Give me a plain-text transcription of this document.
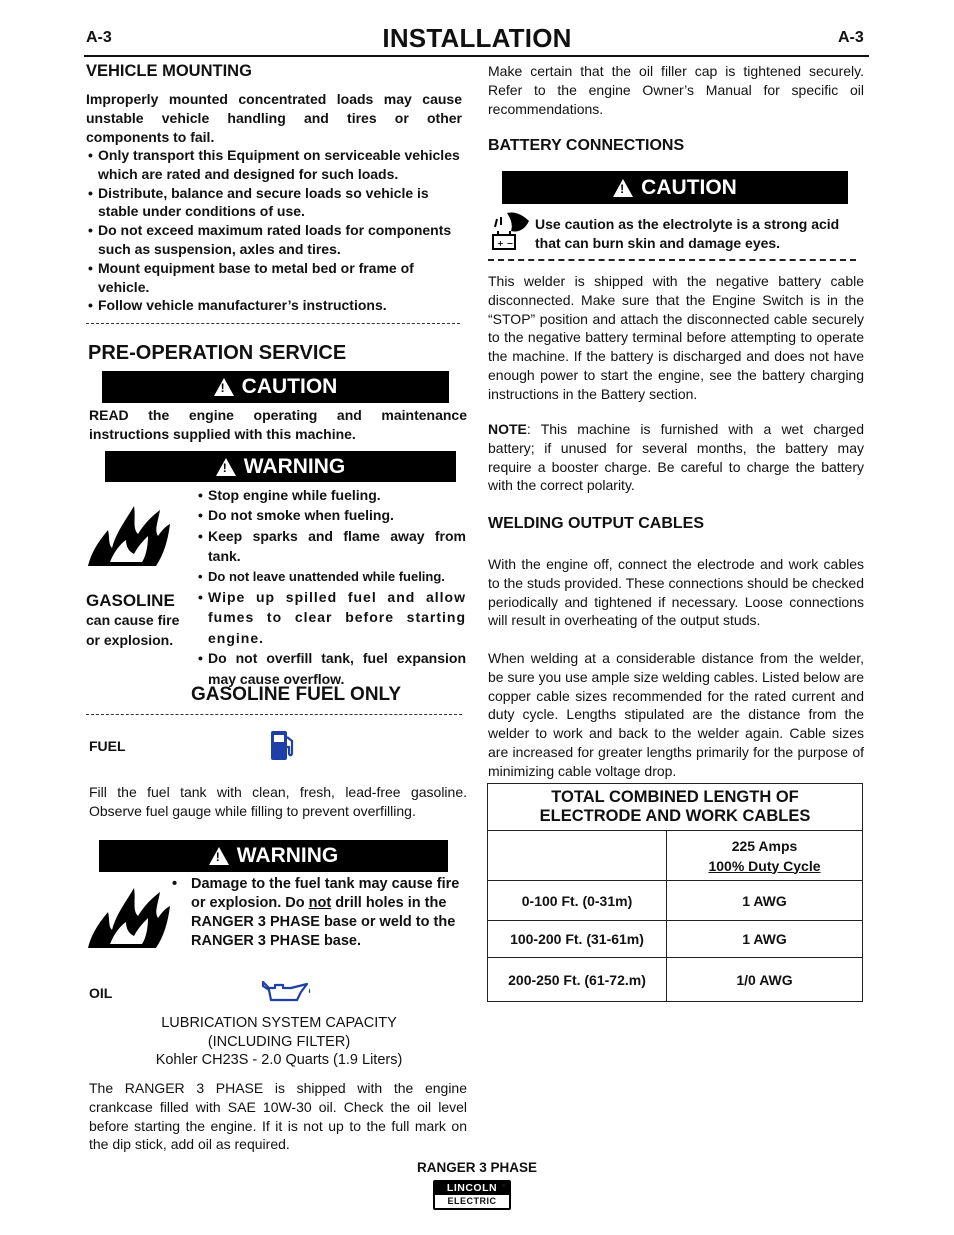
A-3	INSTALLATION	A-3
VEHICLE MOUNTING
Improperly mounted concentrated loads may cause unstable vehicle handling and tires or other components to fail.
• Only transport this Equipment on serviceable vehicles which are rated and designed for such loads.
• Distribute, balance and secure loads so vehicle is stable under conditions of use.
• Do not exceed maximum rated loads for components such as suspension, axles and tires.
• Mount equipment base to metal bed or frame of vehicle.
• Follow vehicle manufacturer’s instructions.
PRE-OPERATION SERVICE
!
CAUTION
READ the engine operating and maintenance instructions supplied with this machine.
!
WARNING
• Stop engine while fueling.
• Do not smoke when fueling.
• Keep sparks and flame away from tank.
• Do not leave unattended while fueling.
• Wipe up spilled fuel and allow fumes to clear before starting engine.
• Do not overfill tank, fuel expansion may cause overflow.
GASOLINE
can cause fire or explosion.
GASOLINE FUEL ONLY
FUEL
Fill the fuel tank with clean, fresh, lead-free gasoline. Observe fuel gauge while filling to prevent overfilling.
!
WARNING
• Damage to the fuel tank may cause fire or explosion. Do not drill holes in the RANGER 3 PHASE base or weld to the RANGER 3 PHASE base.
OIL
LUBRICATION SYSTEM CAPACITY
(INCLUDING FILTER)
Kohler CH23S - 2.0 Quarts (1.9 Liters)
The RANGER 3 PHASE is shipped with the engine crankcase filled with SAE 10W-30 oil. Check the oil level before starting the engine. If it is not up to the full mark on the dip stick, add oil as required.
Make certain that the oil filler cap is tightened securely. Refer to the engine Owner’s Manual for specific oil recommendations.
BATTERY CONNECTIONS
!
CAUTION
+ −
Use caution as the electrolyte is a strong acid that can burn skin and damage eyes.
This welder is shipped with the negative battery cable disconnected. Make sure that the Engine Switch is in the “STOP” position and attach the disconnected cable securely to the negative battery terminal before attempting to operate the machine. If the battery is discharged and does not have enough power to start the engine, see the battery charging instructions in the Battery section.
NOTE: This machine is furnished with a wet charged battery; if unused for several months, the battery may require a booster charge. Be careful to charge the battery with the correct polarity.
WELDING OUTPUT CABLES
With the engine off, connect the electrode and work cables to the studs provided. These connections should be checked periodically and tightened if necessary. Loose connections will result in overheating of the output studs.
When welding at a considerable distance from the welder, be sure you use ample size welding cables. Listed below are copper cable sizes recommended for the rated current and duty cycle. Lengths stipulated are the distance from the welder to work and back to the welder again. Cable sizes are increased for greater lengths primarily for the purpose of minimizing cable voltage drop.
TOTAL COMBINED LENGTH OF
ELECTRODE AND WORK CABLES	

	225 Amps
100% Duty Cycle

0-100 Ft. (0-31m)	1 AWG
100-200 Ft. (31-61m)	1 AWG
200-250 Ft. (61-72.m)	1/0 AWG
RANGER 3 PHASE
LINCOLN
ELECTRIC
●
